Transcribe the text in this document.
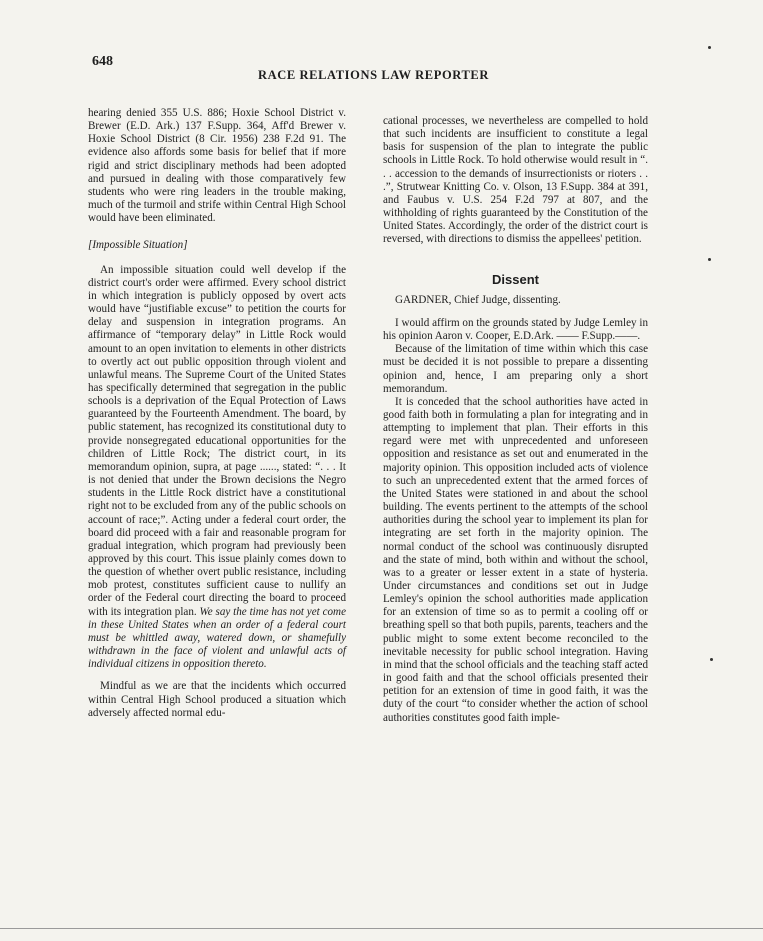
648
RACE RELATIONS LAW REPORTER

hearing denied 355 U.S. 886; Hoxie School District v. Brewer (E.D. Ark.) 137 F.Supp. 364, Aff'd Brewer v. Hoxie School District (8 Cir. 1956) 238 F.2d 91. The evidence also affords some basis for belief that if more rigid and strict disciplinary methods had been adopted and pursued in dealing with those comparatively few students who were ring leaders in the trouble making, much of the turmoil and strife within Central High School would have been eliminated.

[Impossible Situation]

An impossible situation could well develop if the district court's order were affirmed. Every school district in which integration is publicly opposed by overt acts would have “justifiable excuse” to petition the courts for delay and suspension in integration programs. An affirmance of “temporary delay” in Little Rock would amount to an open invitation to elements in other districts to overtly act out public opposition through violent and unlawful means. The Supreme Court of the United States has specifically determined that segregation in the public schools is a deprivation of the Equal Protection of Laws guaranteed by the Fourteenth Amendment. The board, by public statement, has recognized its constitutional duty to provide nonsegregated educational opportunities for the children of Little Rock; The district court, in its memorandum opinion, supra, at page ......, stated: “. . . It is not denied that under the Brown decisions the Negro students in the Little Rock district have a constitutional right not to be excluded from any of the public schools on account of race;”. Acting under a federal court order, the board did proceed with a fair and reasonable program for gradual integration, which program had previously been approved by this court. This issue plainly comes down to the question of whether overt public resistance, including mob protest, constitutes sufficient cause to nullify an order of the Federal court directing the board to proceed with its integration plan. We say the time has not yet come in these United States when an order of a federal court must be whittled away, watered down, or shamefully withdrawn in the face of violent and unlawful acts of individual citizens in opposition thereto.

Mindful as we are that the incidents which occurred within Central High School produced a situation which adversely affected normal edu-

cational processes, we nevertheless are compelled to hold that such incidents are insufficient to constitute a legal basis for suspension of the plan to integrate the public schools in Little Rock. To hold otherwise would result in “. . . accession to the demands of insurrectionists or rioters . . .”, Strutwear Knitting Co. v. Olson, 13 F.Supp. 384 at 391, and Faubus v. U.S. 254 F.2d 797 at 807, and the withholding of rights guaranteed by the Constitution of the United States. Accordingly, the order of the district court is reversed, with directions to dismiss the appellees' petition.

Dissent

GARDNER, Chief Judge, dissenting.

I would affirm on the grounds stated by Judge Lemley in his opinion Aaron v. Cooper, E.D.Ark. —— F.Supp.——.

Because of the limitation of time within which this case must be decided it is not possible to prepare a dissenting opinion and, hence, I am preparing only a short memorandum.

It is conceded that the school authorities have acted in good faith both in formulating a plan for integrating and in attempting to implement that plan. Their efforts in this regard were met with unprecedented and unforeseen opposition and resistance as set out and enumerated in the majority opinion. This opposition included acts of violence to such an unprecedented extent that the armed forces of the United States were stationed in and about the school building. The events pertinent to the attempts of the school authorities during the school year to implement its plan for integrating are set forth in the majority opinion. The normal conduct of the school was continuously disrupted and the state of mind, both within and without the school, was to a greater or lesser extent in a state of hysteria. Under circumstances and conditions set out in Judge Lemley's opinion the school authorities made application for an extension of time so as to permit a cooling off or breathing spell so that both pupils, parents, teachers and the public might to some extent become reconciled to the inevitable necessity for public school integration. Having in mind that the school officials and the teaching staff acted in good faith and that the school officials presented their petition for an extension of time in good faith, it was the duty of the court “to consider whether the action of school authorities constitutes good faith imple-
